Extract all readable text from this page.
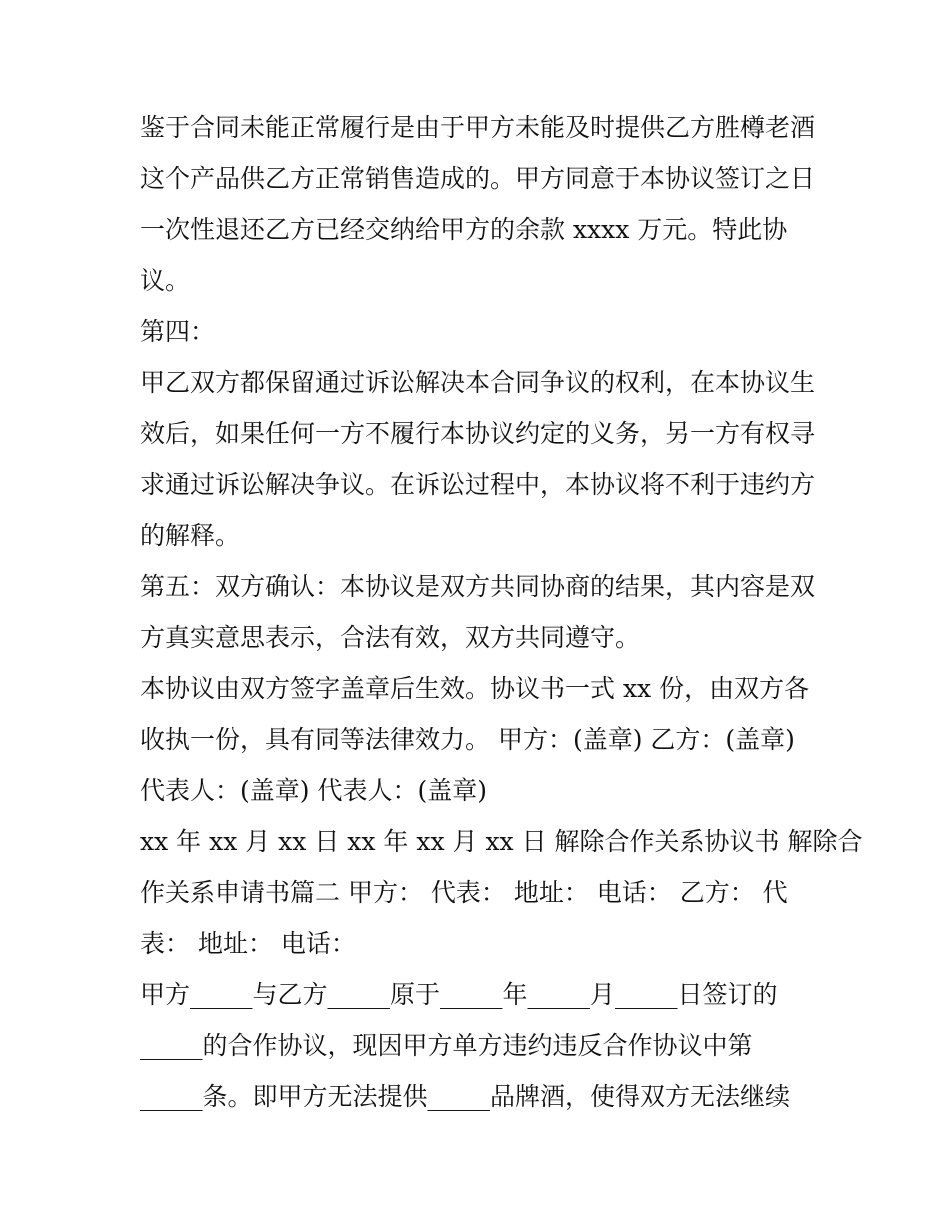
鉴于合同未能正常履行是由于甲方未能及时提供乙方胜樽老酒
这个产品供乙方正常销售造成的。甲方同意于本协议签订之日
一次性退还乙方已经交纳给甲方的余款 xxxx 万元。特此协
议。
第四：
甲乙双方都保留通过诉讼解决本合同争议的权利，在本协议生
效后，如果任何一方不履行本协议约定的义务，另一方有权寻
求通过诉讼解决争议。在诉讼过程中，本协议将不利于违约方
的解释。
第五：双方确认：本协议是双方共同协商的结果，其内容是双
方真实意思表示，合法有效，双方共同遵守。
本协议由双方签字盖章后生效。协议书一式 xx 份，由双方各
收执一份，具有同等法律效力。 甲方：(盖章) 乙方：(盖章)
代表人：(盖章) 代表人：(盖章)
xx 年 xx 月 xx 日 xx 年 xx 月 xx 日 解除合作关系协议书 解除合
作关系申请书篇二 甲方： 代表： 地址： 电话： 乙方： 代
表： 地址： 电话：
甲方_____与乙方_____原于_____年_____月_____日签订的
_____的合作协议，现因甲方单方违约违反合作协议中第
_____条。即甲方无法提供_____品牌酒，使得双方无法继续
